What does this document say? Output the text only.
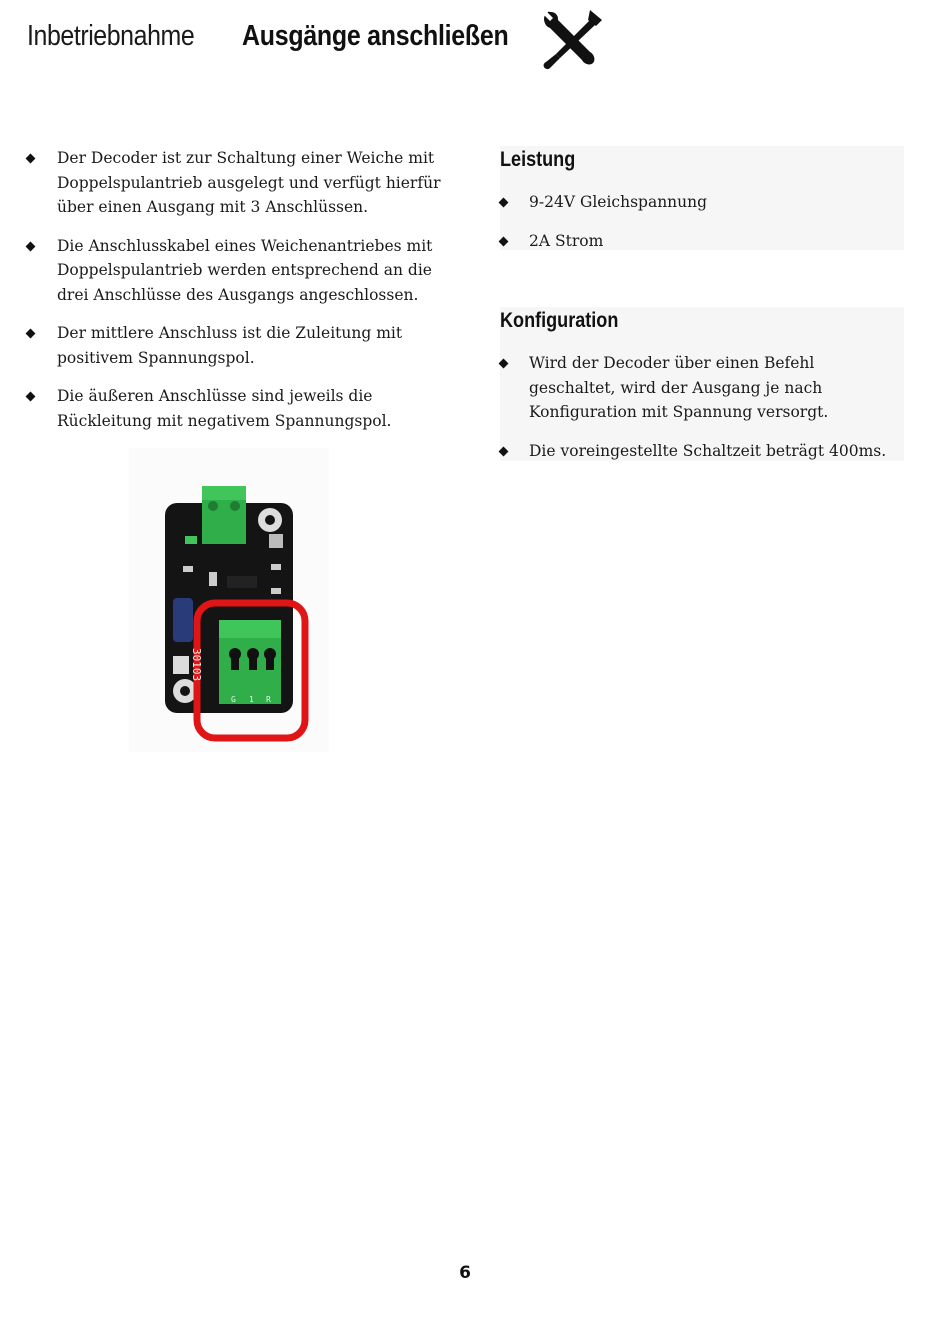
Inbetriebnahme Ausgänge anschließen
Der Decoder ist zur Schaltung einer Weiche mit Doppelspulantrieb ausgelegt und verfügt hierfür über einen Ausgang mit 3 Anschlüssen.
Die Anschlusskabel eines Weichenantriebes mit Doppelspulantrieb werden entsprechend an die drei Anschlüsse des Ausgangs angeschlossen.
Der mittlere Anschluss ist die Zuleitung mit positivem Spannungspol.
Die äußeren Anschlüsse sind jeweils die Rückleitung mit negativem Spannungspol.
Leistung
9-24V Gleichspannung
2A Strom
Konfiguration
Wird der Decoder über einen Befehl geschaltet, wird der Ausgang je nach Konfiguration mit Spannung versorgt.
Die voreingestellte Schaltzeit beträgt 400ms.
30103
G 1 R
6
